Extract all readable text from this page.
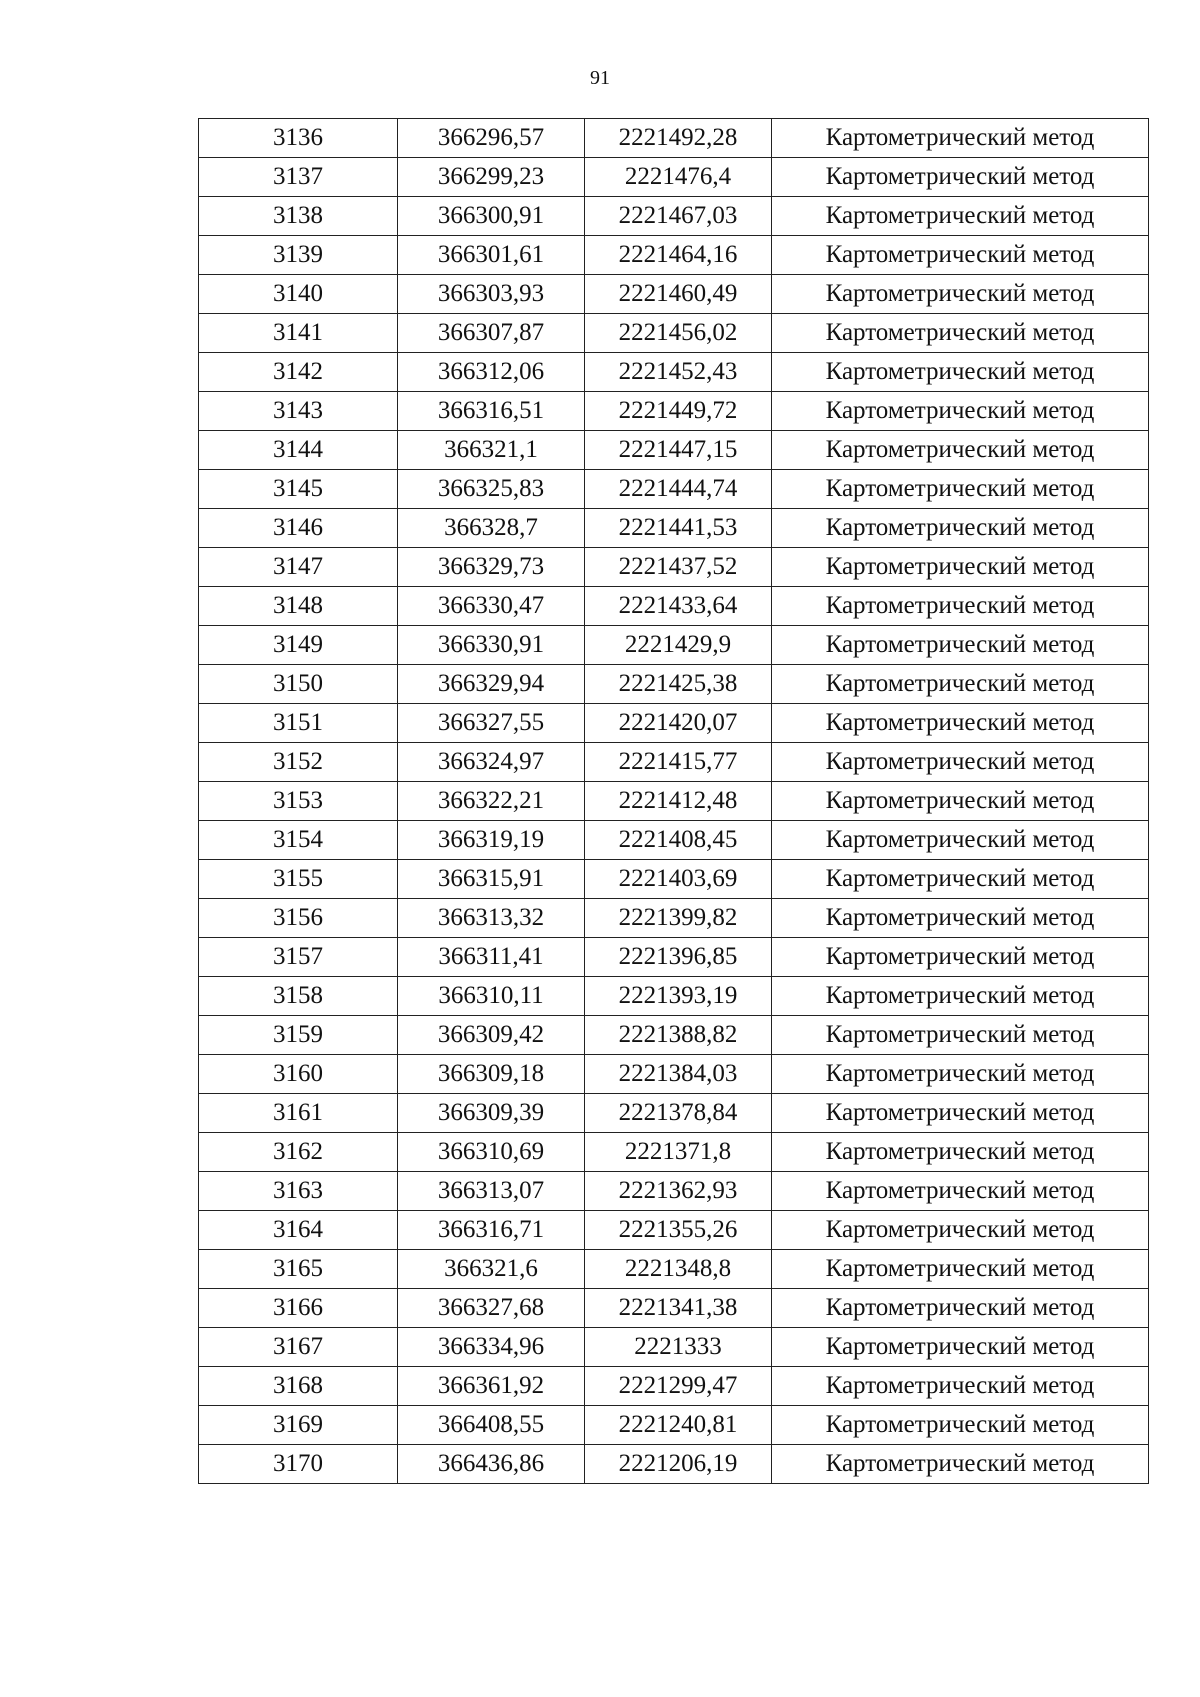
91
3136	366296,57	2221492,28	Картометрический метод
3137	366299,23	2221476,4	Картометрический метод
3138	366300,91	2221467,03	Картометрический метод
3139	366301,61	2221464,16	Картометрический метод
3140	366303,93	2221460,49	Картометрический метод
3141	366307,87	2221456,02	Картометрический метод
3142	366312,06	2221452,43	Картометрический метод
3143	366316,51	2221449,72	Картометрический метод
3144	366321,1	2221447,15	Картометрический метод
3145	366325,83	2221444,74	Картометрический метод
3146	366328,7	2221441,53	Картометрический метод
3147	366329,73	2221437,52	Картометрический метод
3148	366330,47	2221433,64	Картометрический метод
3149	366330,91	2221429,9	Картометрический метод
3150	366329,94	2221425,38	Картометрический метод
3151	366327,55	2221420,07	Картометрический метод
3152	366324,97	2221415,77	Картометрический метод
3153	366322,21	2221412,48	Картометрический метод
3154	366319,19	2221408,45	Картометрический метод
3155	366315,91	2221403,69	Картометрический метод
3156	366313,32	2221399,82	Картометрический метод
3157	366311,41	2221396,85	Картометрический метод
3158	366310,11	2221393,19	Картометрический метод
3159	366309,42	2221388,82	Картометрический метод
3160	366309,18	2221384,03	Картометрический метод
3161	366309,39	2221378,84	Картометрический метод
3162	366310,69	2221371,8	Картометрический метод
3163	366313,07	2221362,93	Картометрический метод
3164	366316,71	2221355,26	Картометрический метод
3165	366321,6	2221348,8	Картометрический метод
3166	366327,68	2221341,38	Картометрический метод
3167	366334,96	2221333	Картометрический метод
3168	366361,92	2221299,47	Картометрический метод
3169	366408,55	2221240,81	Картометрический метод
3170	366436,86	2221206,19	Картометрический метод
